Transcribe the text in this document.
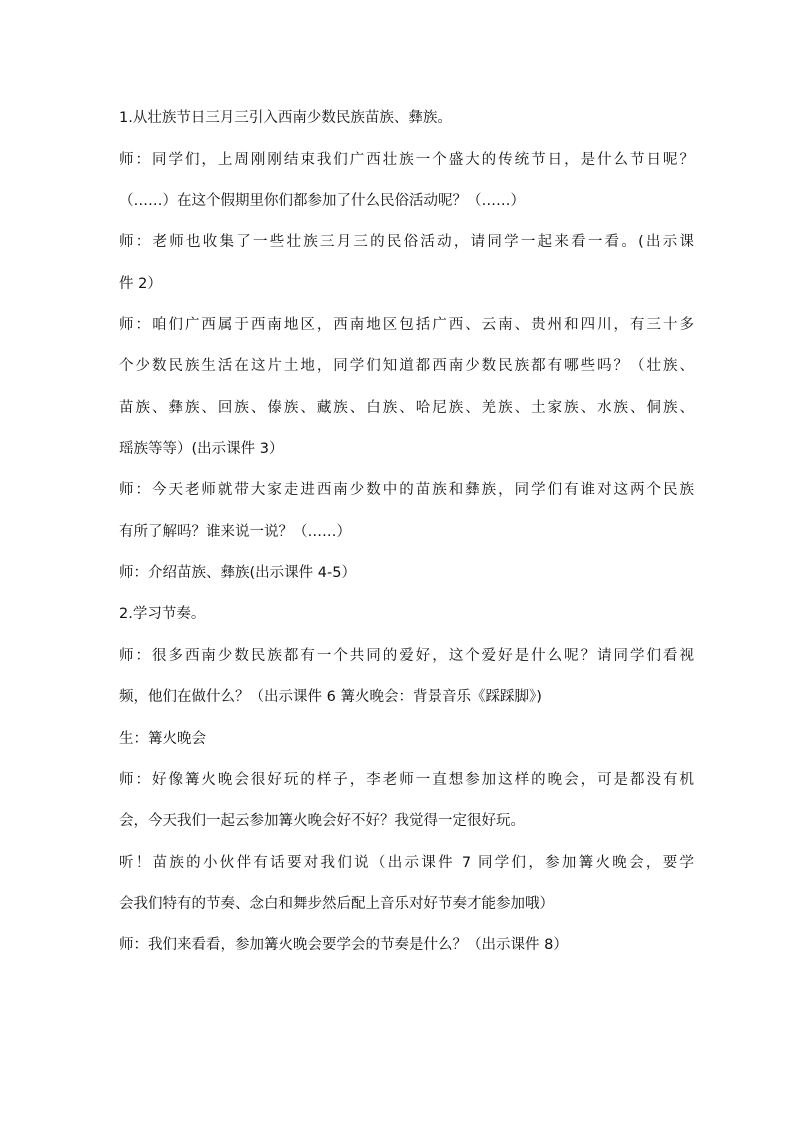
1.从壮族节日三月三引入西南少数民族苗族、彝族。
师：同学们，上周刚刚结束我们广西壮族一个盛大的传统节日，是什么节日呢？
（……）在这个假期里你们都参加了什么民俗活动呢？（……）
师：老师也收集了一些壮族三月三的民俗活动，请同学一起来看一看。(出示课
件 2）
师：咱们广西属于西南地区，西南地区包括广西、云南、贵州和四川，有三十多
个少数民族生活在这片土地，同学们知道都西南少数民族都有哪些吗？（壮族、
苗族、彝族、回族、傣族、藏族、白族、哈尼族、羌族、土家族、水族、侗族、
瑶族等等）(出示课件 3）
师：今天老师就带大家走进西南少数中的苗族和彝族，同学们有谁对这两个民族
有所了解吗？谁来说一说？（……）
师：介绍苗族、彝族(出示课件 4-5）
2.学习节奏。
师：很多西南少数民族都有一个共同的爱好，这个爱好是什么呢？请同学们看视
频，他们在做什么？（出示课件 6 篝火晚会：背景音乐《踩踩脚》)
生：篝火晚会
师：好像篝火晚会很好玩的样子，李老师一直想参加这样的晚会，可是都没有机
会，今天我们一起云参加篝火晚会好不好？我觉得一定很好玩。
听！苗族的小伙伴有话要对我们说（出示课件 7 同学们，参加篝火晚会，要学
会我们特有的节奏、念白和舞步然后配上音乐对好节奏才能参加哦）
师：我们来看看，参加篝火晚会要学会的节奏是什么？（出示课件 8）
